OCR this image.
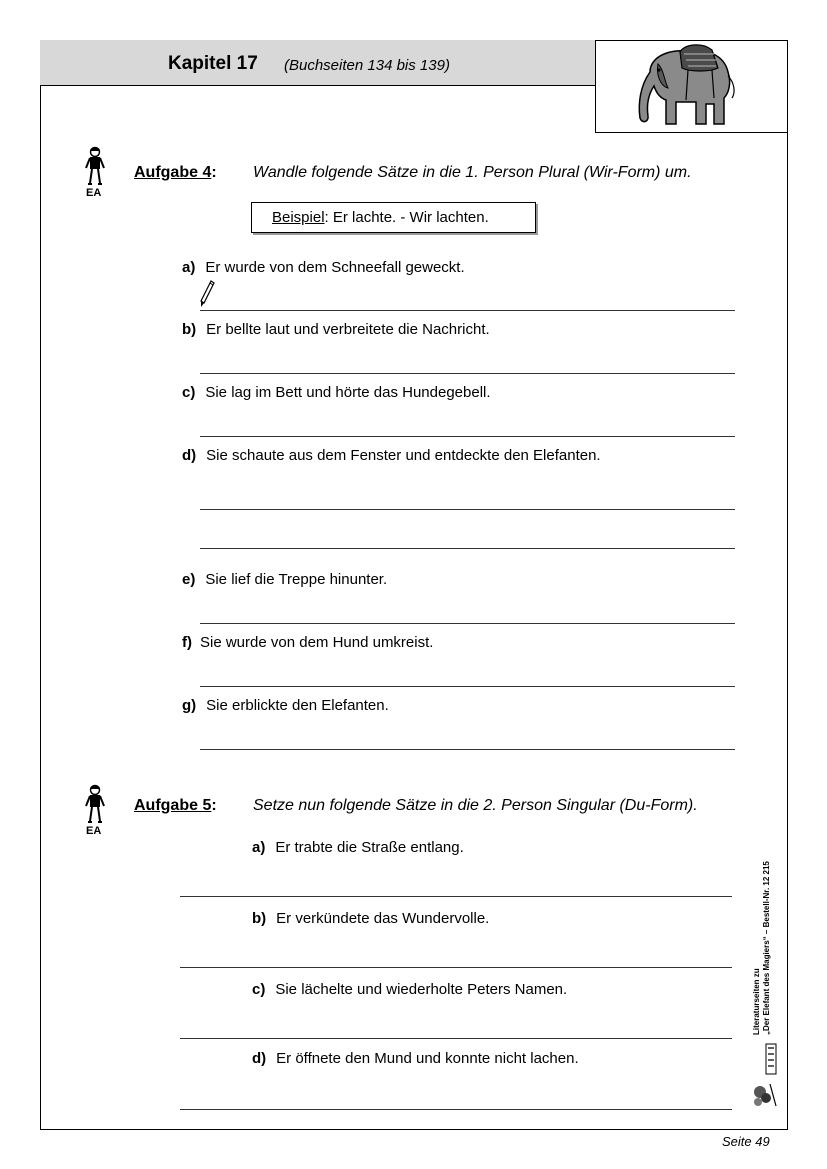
Kapitel 17 (Buchseiten 134 bis 139)
EA
Aufgabe 4: Wandle folgende Sätze in die 1. Person Plural (Wir-Form) um.
Beispiel: Er lachte. - Wir lachten.
a) Er wurde von dem Schneefall geweckt.
b) Er bellte laut und verbreitete die Nachricht.
c) Sie lag im Bett und hörte das Hundegebell.
d) Sie schaute aus dem Fenster und entdeckte den Elefanten.
e) Sie lief die Treppe hinunter.
f) Sie wurde von dem Hund umkreist.
g) Sie erblickte den Elefanten.
EA
Aufgabe 5: Setze nun folgende Sätze in die 2. Person Singular (Du-Form).
a) Er trabte die Straße entlang.
b) Er verkündete das Wundervolle.
c) Sie lächelte und wiederholte Peters Namen.
d) Er öffnete den Mund und konnte nicht lachen.
Literaturseiten zu „Der Elefant des Magiers“ – Bestell-Nr. 12 215
Seite 49
